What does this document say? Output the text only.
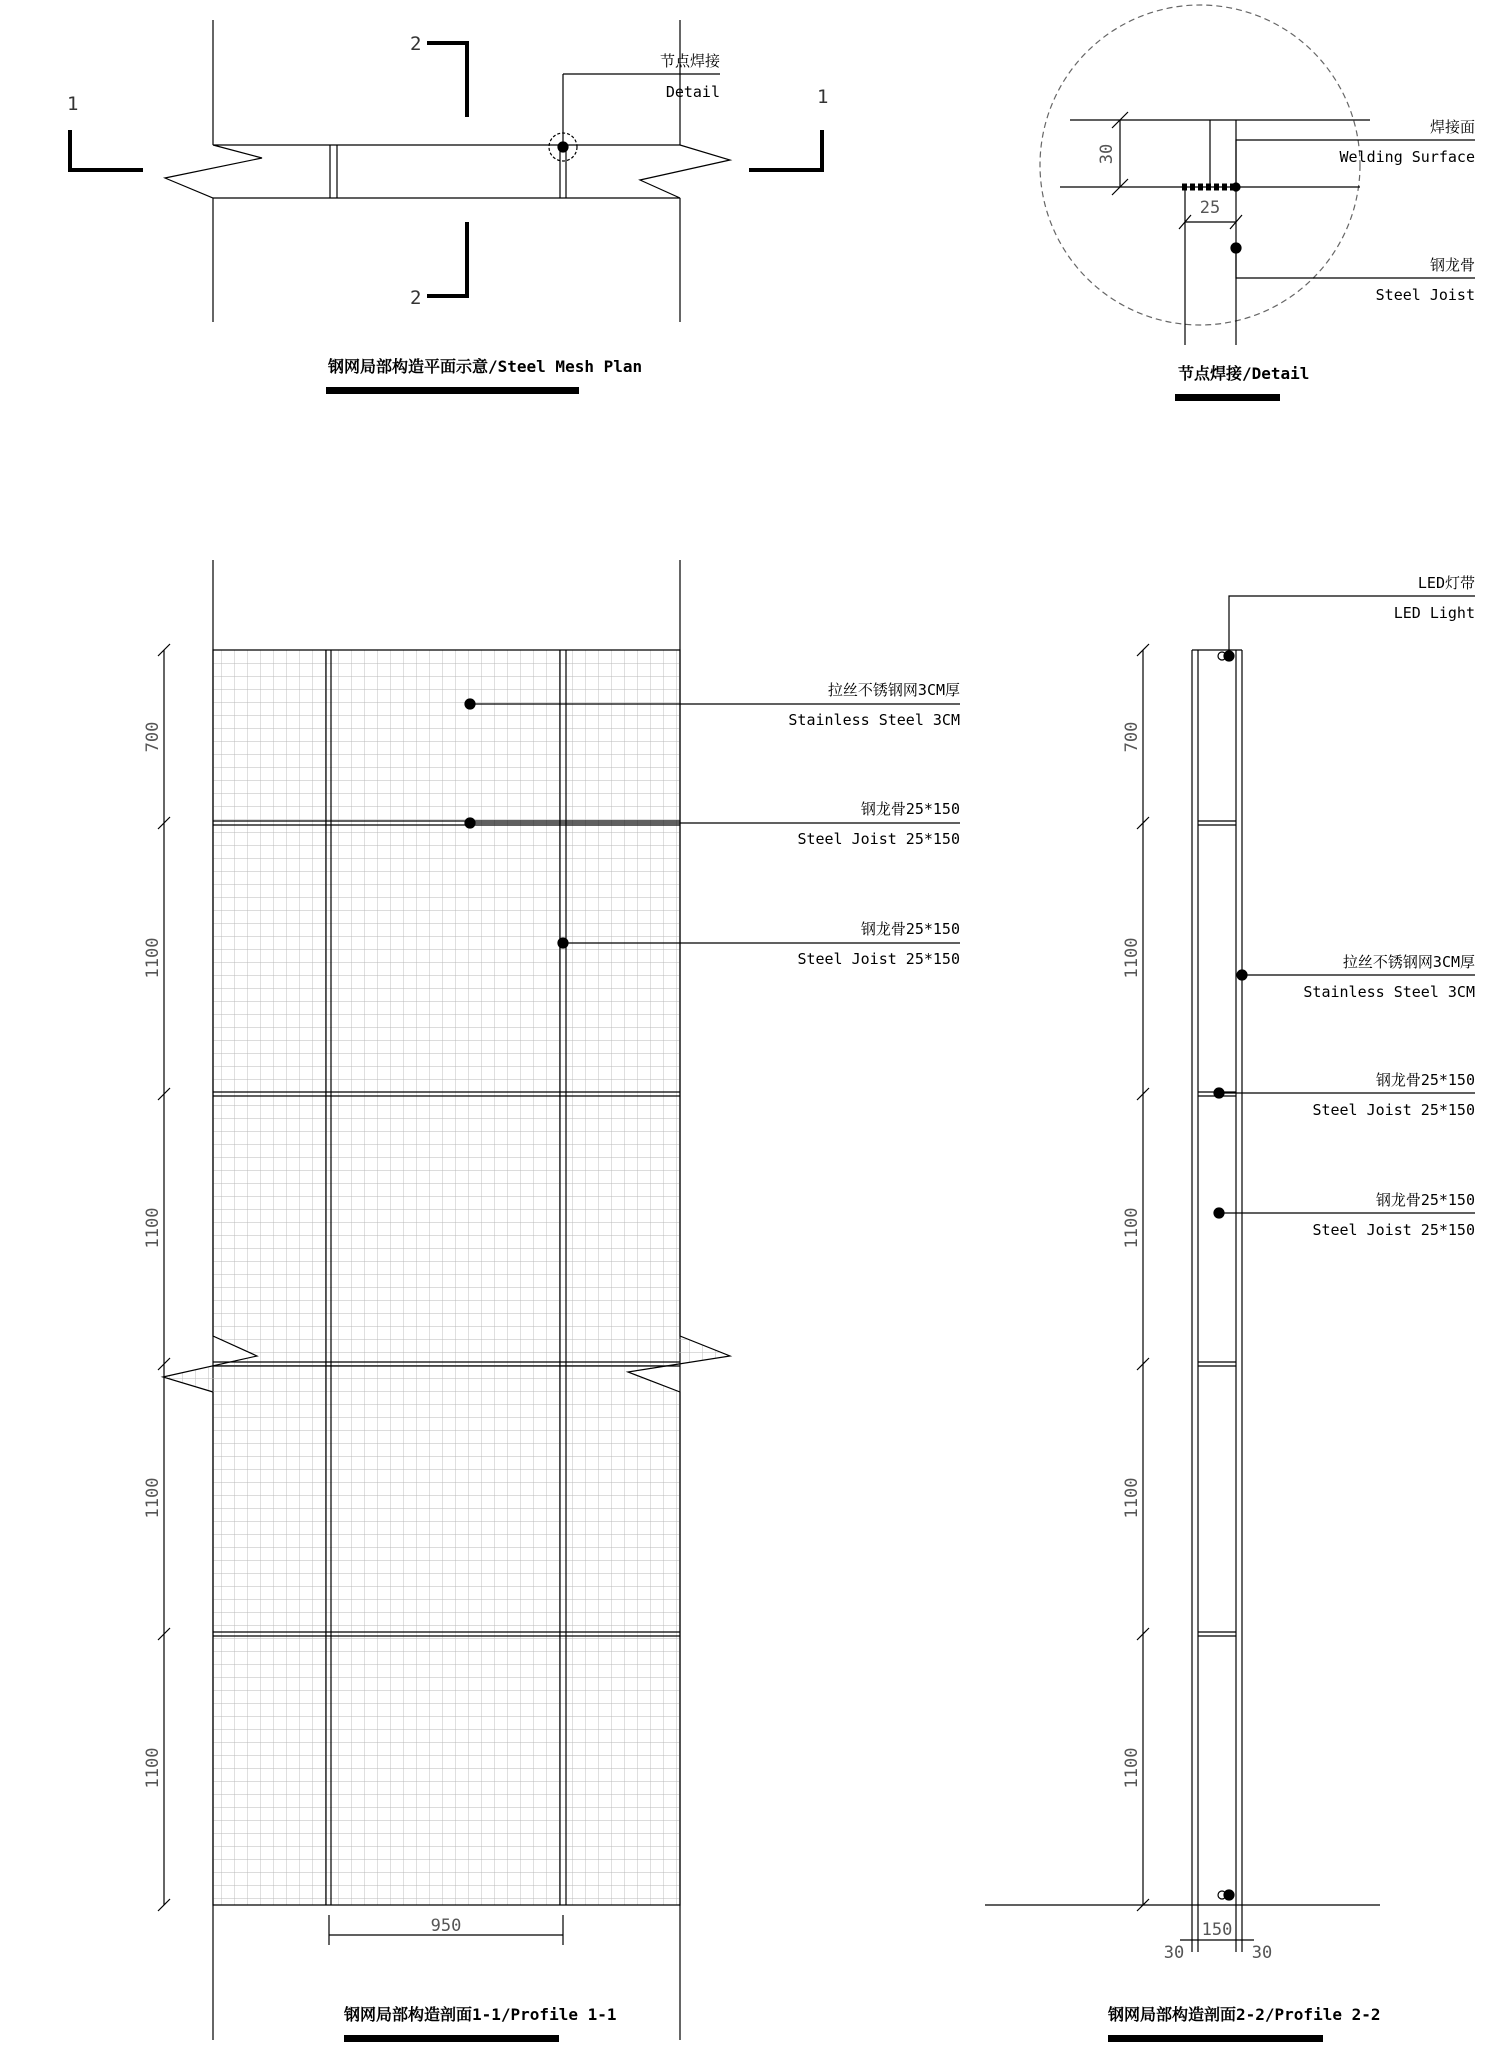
1	1
2
2
节点焊接
Detail
钢网局部构造平面示意/Steel Mesh Plan
30
25
焊接面
Welding Surface
钢龙骨
Steel Joist
节点焊接/Detail
700
1100
1100
1100
1100
950
拉丝不锈钢网3CM厚
Stainless Steel 3CM
钢龙骨25*150
Steel Joist 25*150
钢龙骨25*150
Steel Joist 25*150
钢网局部构造剖面1-1/Profile 1-1
700
1100
1100
1100
1100
30
150
30
LED灯带
LED Light
拉丝不锈钢网3CM厚
Stainless Steel 3CM
钢龙骨25*150
Steel Joist 25*150
钢龙骨25*150
Steel Joist 25*150
钢网局部构造剖面2-2/Profile 2-2
